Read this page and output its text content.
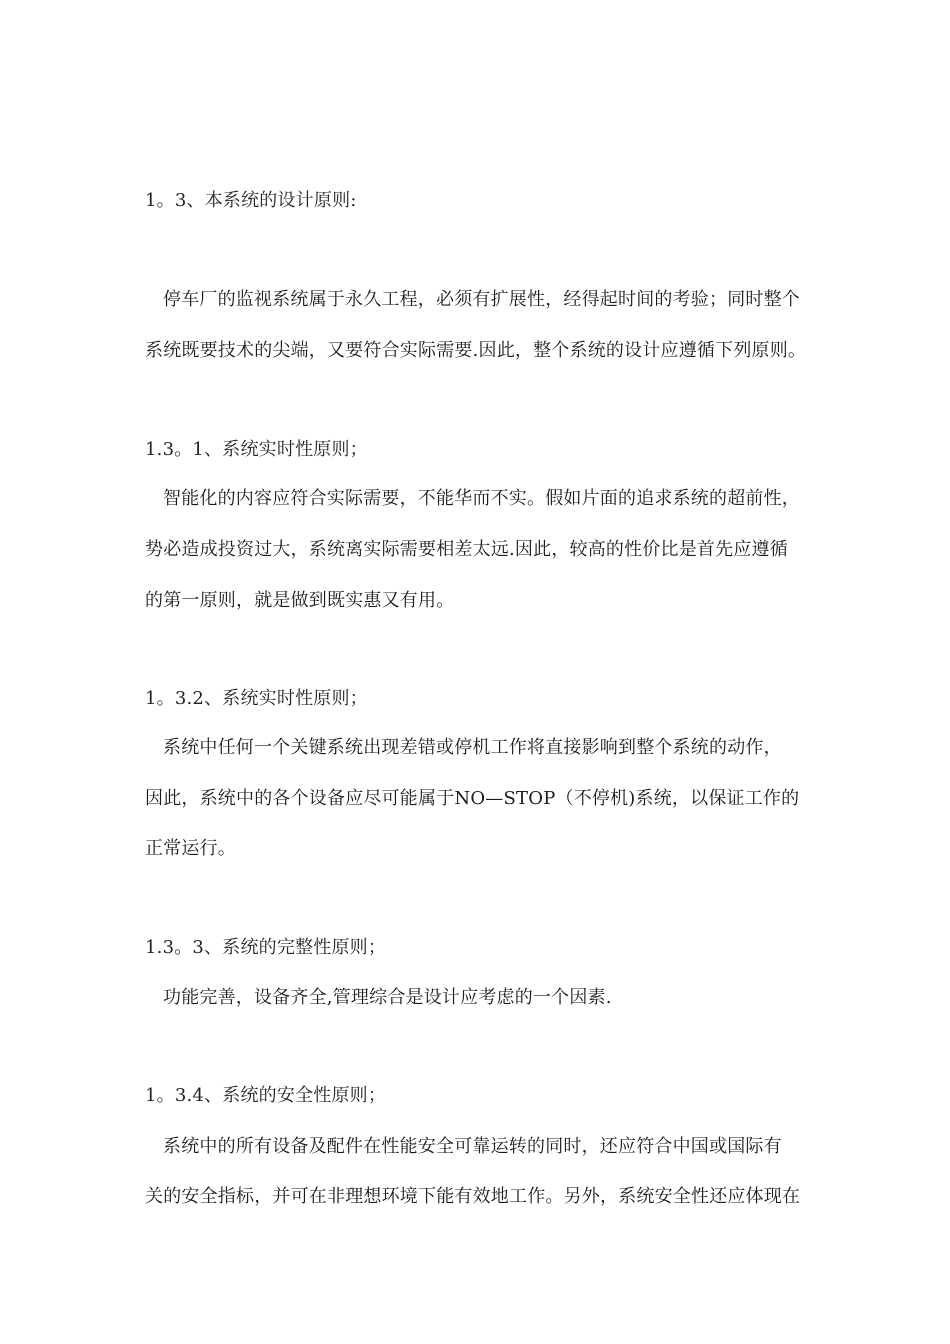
1。3、本系统的设计原则:
停车厂的监视系统属于永久工程，必须有扩展性，经得起时间的考验；同时整个
系统既要技术的尖端，又要符合实际需要.因此，整个系统的设计应遵循下列原则。
1.3。1、系统实时性原则；
智能化的内容应符合实际需要，不能华而不实。假如片面的追求系统的超前性，
势必造成投资过大，系统离实际需要相差太远.因此，较高的性价比是首先应遵循
的第一原则，就是做到既实惠又有用。
1。3.2、系统实时性原则；
系统中任何一个关键系统出现差错或停机工作将直接影响到整个系统的动作，
因此，系统中的各个设备应尽可能属于NO—STOP（不停机)系统，以保证工作的
正常运行。
1.3。3、系统的完整性原则；
功能完善，设备齐全,管理综合是设计应考虑的一个因素.
1。3.4、系统的安全性原则；
系统中的所有设备及配件在性能安全可靠运转的同时，还应符合中国或国际有
关的安全指标，并可在非理想环境下能有效地工作。另外，系统安全性还应体现在
